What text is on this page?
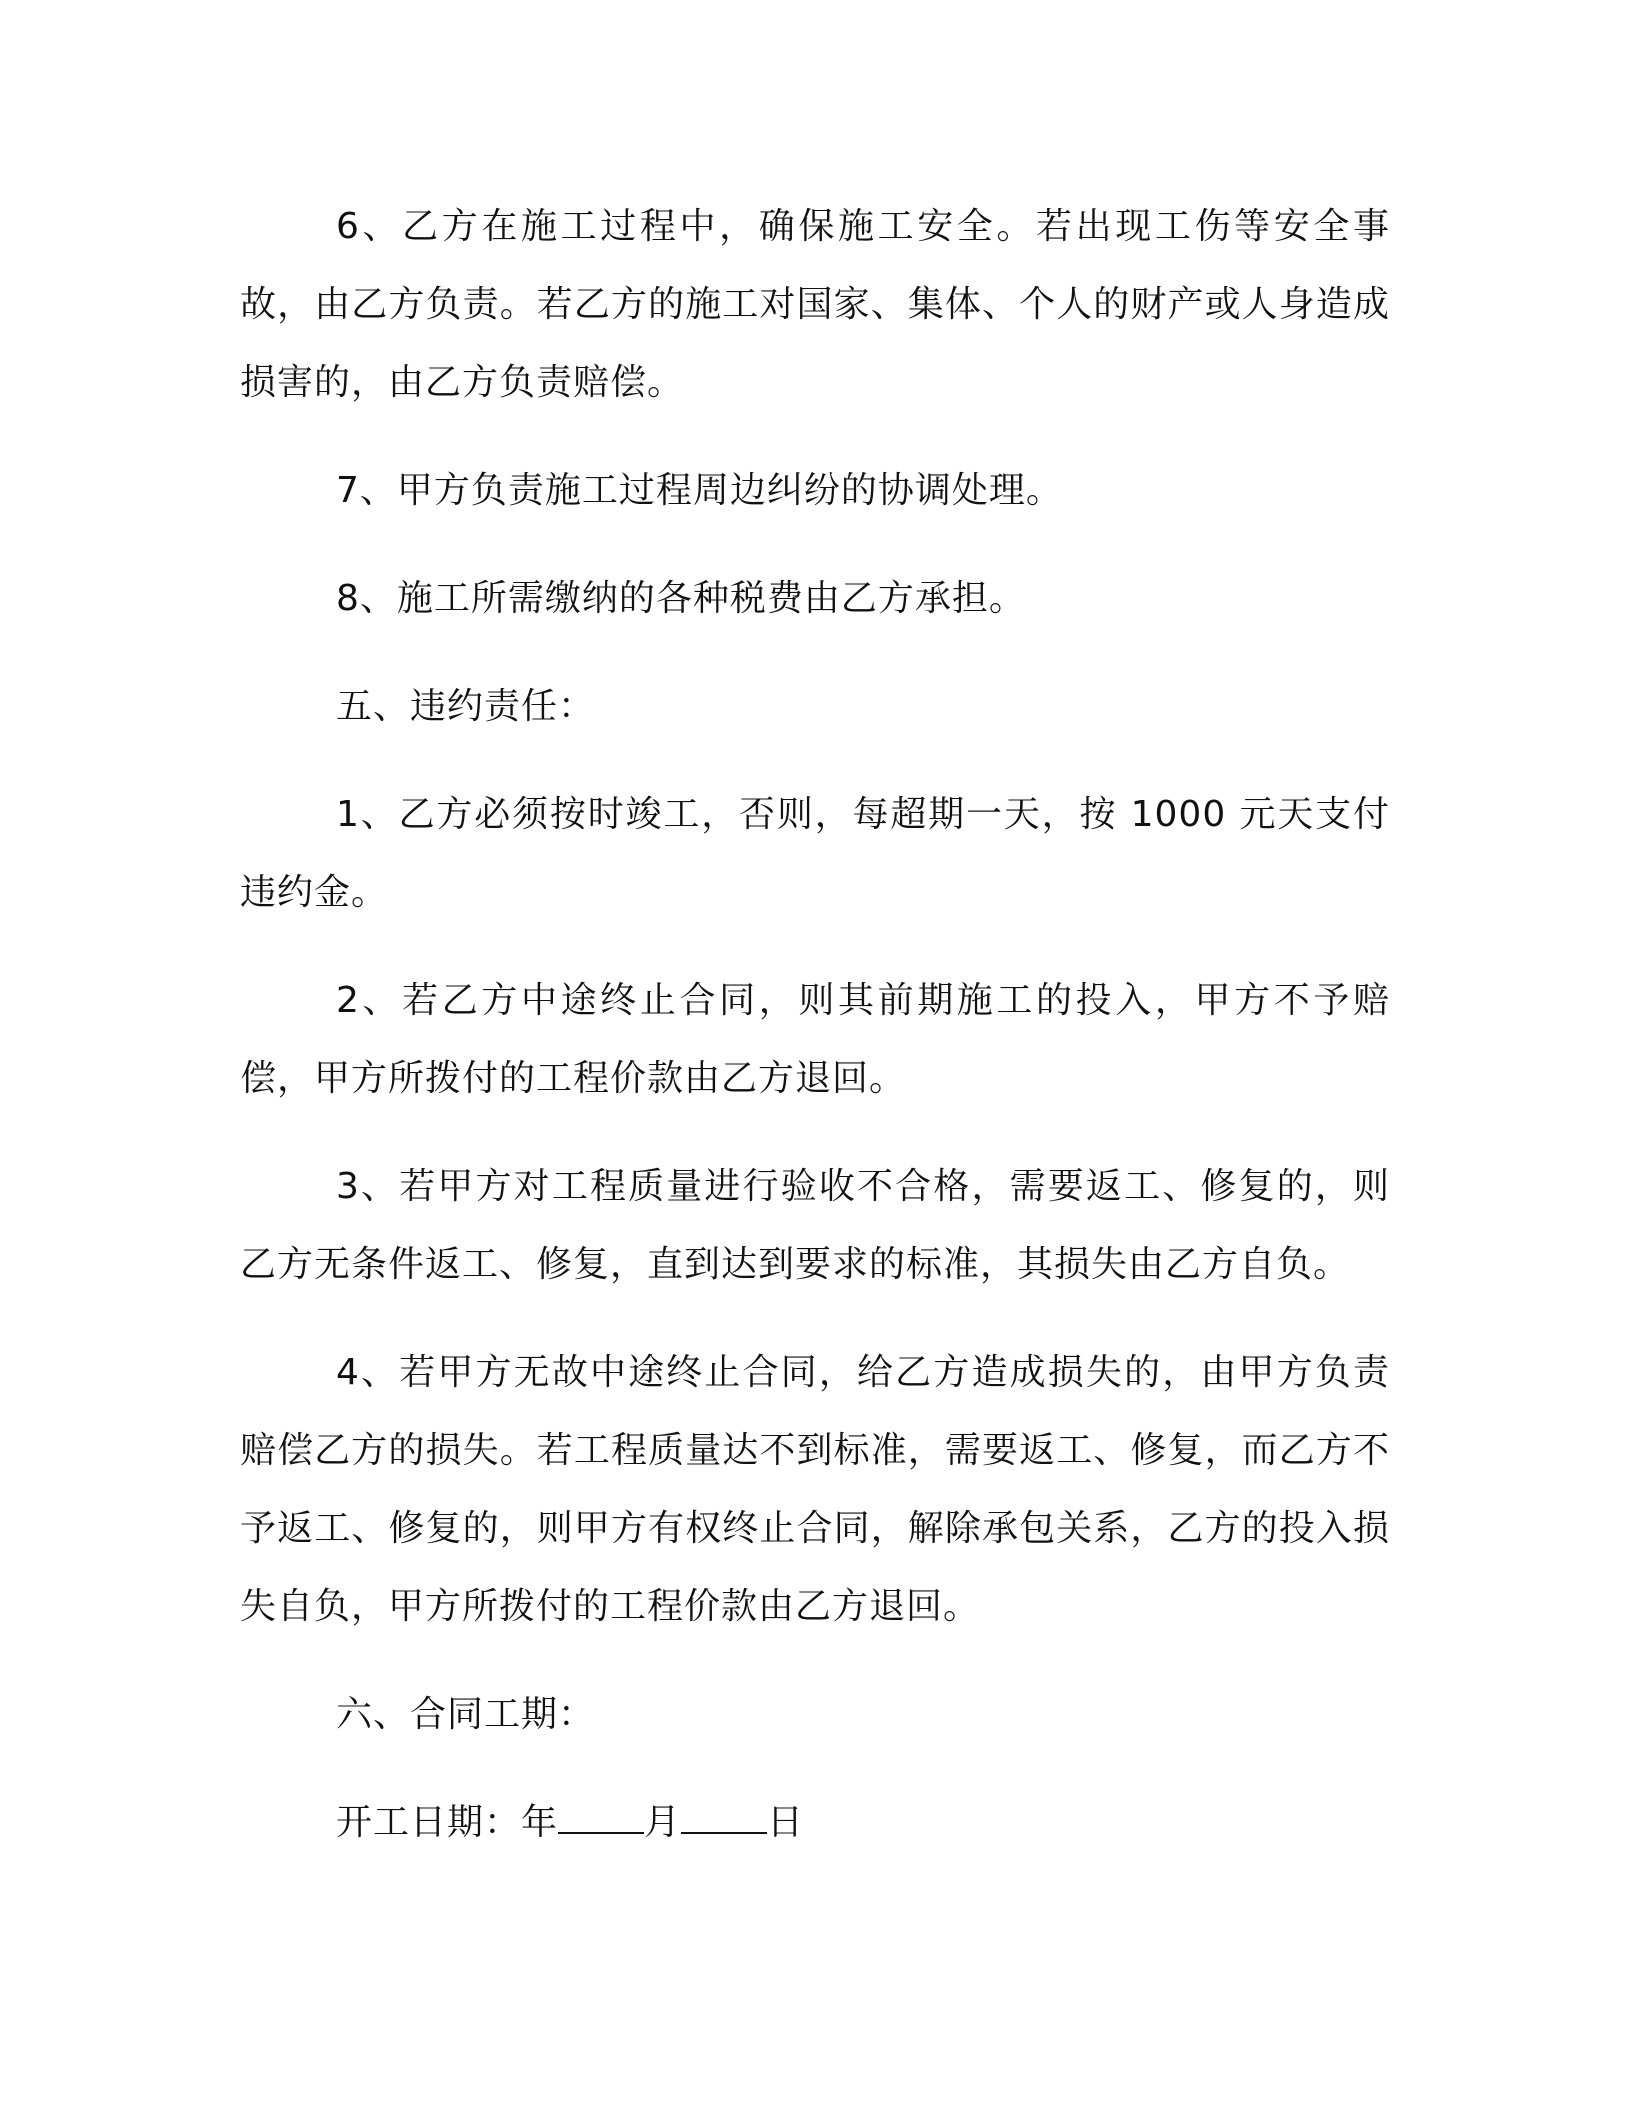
6、乙方在施工过程中，确保施工安全。若出现工伤等安全事故，由乙方负责。若乙方的施工对国家、集体、个人的财产或人身造成损害的，由乙方负责赔偿。

7、甲方负责施工过程周边纠纷的协调处理。

8、施工所需缴纳的各种税费由乙方承担。

五、违约责任：

1、乙方必须按时竣工，否则，每超期一天，按 1000 元天支付违约金。

2、若乙方中途终止合同，则其前期施工的投入，甲方不予赔偿，甲方所拨付的工程价款由乙方退回。

3、若甲方对工程质量进行验收不合格，需要返工、修复的，则乙方无条件返工、修复，直到达到要求的标准，其损失由乙方自负。

4、若甲方无故中途终止合同，给乙方造成损失的，由甲方负责赔偿乙方的损失。若工程质量达不到标准，需要返工、修复，而乙方不予返工、修复的，则甲方有权终止合同，解除承包关系，乙方的投入损失自负，甲方所拨付的工程价款由乙方退回。

六、合同工期：

开工日期：年 月 日
